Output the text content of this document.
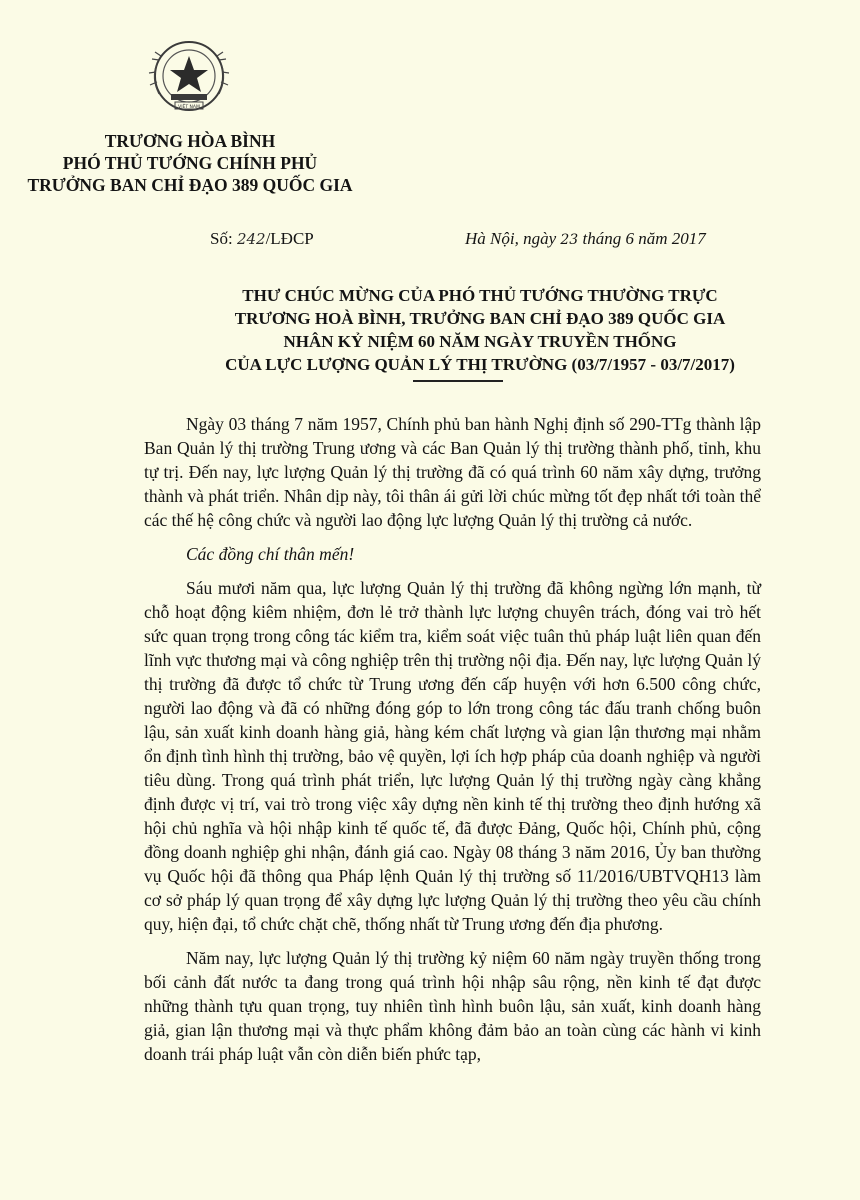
VIỆT NAM
TRƯƠNG HÒA BÌNH
PHÓ THỦ TƯỚNG CHÍNH PHỦ
TRƯỞNG BAN CHỈ ĐẠO 389 QUỐC GIA
Số: 242/LĐCP	Hà Nội, ngày 23 tháng 6 năm 2017
THƯ CHÚC MỪNG CỦA PHÓ THỦ TƯỚNG THƯỜNG TRỰC
TRƯƠNG HOÀ BÌNH, TRƯỞNG BAN CHỈ ĐẠO 389 QUỐC GIA
NHÂN KỶ NIỆM 60 NĂM NGÀY TRUYỀN THỐNG
CỦA LỰC LƯỢNG QUẢN LÝ THỊ TRƯỜNG (03/7/1957 - 03/7/2017)

Ngày 03 tháng 7 năm 1957, Chính phủ ban hành Nghị định số 290-TTg thành lập Ban Quản lý thị trường Trung ương và các Ban Quản lý thị trường thành phố, tỉnh, khu tự trị. Đến nay, lực lượng Quản lý thị trường đã có quá trình 60 năm xây dựng, trưởng thành và phát triển. Nhân dịp này, tôi thân ái gửi lời chúc mừng tốt đẹp nhất tới toàn thể các thế hệ công chức và người lao động lực lượng Quản lý thị trường cả nước.

Các đồng chí thân mến!

Sáu mươi năm qua, lực lượng Quản lý thị trường đã không ngừng lớn mạnh, từ chỗ hoạt động kiêm nhiệm, đơn lẻ trở thành lực lượng chuyên trách, đóng vai trò hết sức quan trọng trong công tác kiểm tra, kiểm soát việc tuân thủ pháp luật liên quan đến lĩnh vực thương mại và công nghiệp trên thị trường nội địa. Đến nay, lực lượng Quản lý thị trường đã được tổ chức từ Trung ương đến cấp huyện với hơn 6.500 công chức, người lao động và đã có những đóng góp to lớn trong công tác đấu tranh chống buôn lậu, sản xuất kinh doanh hàng giả, hàng kém chất lượng và gian lận thương mại nhằm ổn định tình hình thị trường, bảo vệ quyền, lợi ích hợp pháp của doanh nghiệp và người tiêu dùng. Trong quá trình phát triển, lực lượng Quản lý thị trường ngày càng khẳng định được vị trí, vai trò trong việc xây dựng nền kinh tế thị trường theo định hướng xã hội chủ nghĩa và hội nhập kinh tế quốc tế, đã được Đảng, Quốc hội, Chính phủ, cộng đồng doanh nghiệp ghi nhận, đánh giá cao. Ngày 08 tháng 3 năm 2016, Ủy ban thường vụ Quốc hội đã thông qua Pháp lệnh Quản lý thị trường số 11/2016/UBTVQH13 làm cơ sở pháp lý quan trọng để xây dựng lực lượng Quản lý thị trường theo yêu cầu chính quy, hiện đại, tổ chức chặt chẽ, thống nhất từ Trung ương đến địa phương.

Năm nay, lực lượng Quản lý thị trường kỷ niệm 60 năm ngày truyền thống trong bối cảnh đất nước ta đang trong quá trình hội nhập sâu rộng, nền kinh tế đạt được những thành tựu quan trọng, tuy nhiên tình hình buôn lậu, sản xuất, kinh doanh hàng giả, gian lận thương mại và thực phẩm không đảm bảo an toàn cùng các hành vi kinh doanh trái pháp luật vẫn còn diễn biến phức tạp,
